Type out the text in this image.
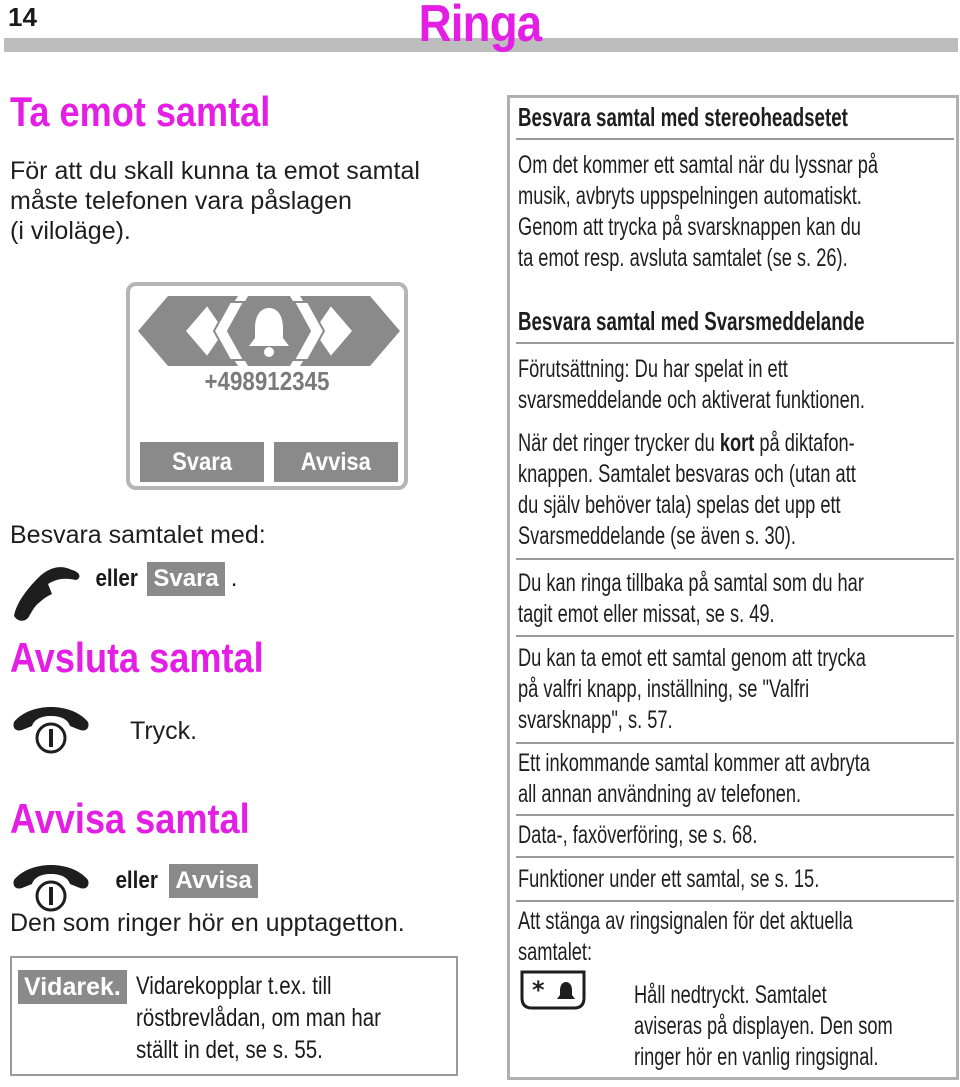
14	Ringa
Ta emot samtal
För att du skall kunna ta emot samtal
måste telefonen vara påslagen
(i viloläge).
+498912345
Svara	Avvisa
Besvara samtalet med:
eller Svara .
Avsluta samtal
Tryck.
Avvisa samtal
eller Avvisa
Den som ringer hör en upptagetton.
Vidarek. Vidarekopplar t.ex. till
röstbrevlådan, om man har
ställt in det, se s. 55.
Besvara samtal med stereoheadsetet
Om det kommer ett samtal när du lyssnar på
musik, avbryts uppspelningen automatiskt.
Genom att trycka på svarsknappen kan du
ta emot resp. avsluta samtalet (se s. 26).
Besvara samtal med Svarsmeddelande
Förutsättning: Du har spelat in ett
svarsmeddelande och aktiverat funktionen.
När det ringer trycker du kort på diktafon-
knappen. Samtalet besvaras och (utan att
du själv behöver tala) spelas det upp ett
Svarsmeddelande (se även s. 30).
Du kan ringa tillbaka på samtal som du har
tagit emot eller missat, se s. 49.
Du kan ta emot ett samtal genom att trycka
på valfri knapp, inställning, se "Valfri
svarsknapp", s. 57.
Ett inkommande samtal kommer att avbryta
all annan användning av telefonen.
Data-, faxöverföring, se s. 68.
Funktioner under ett samtal, se s. 15.
Att stänga av ringsignalen för det aktuella
samtalet:
*	Håll nedtryckt. Samtalet
aviseras på displayen. Den som
ringer hör en vanlig ringsignal.
